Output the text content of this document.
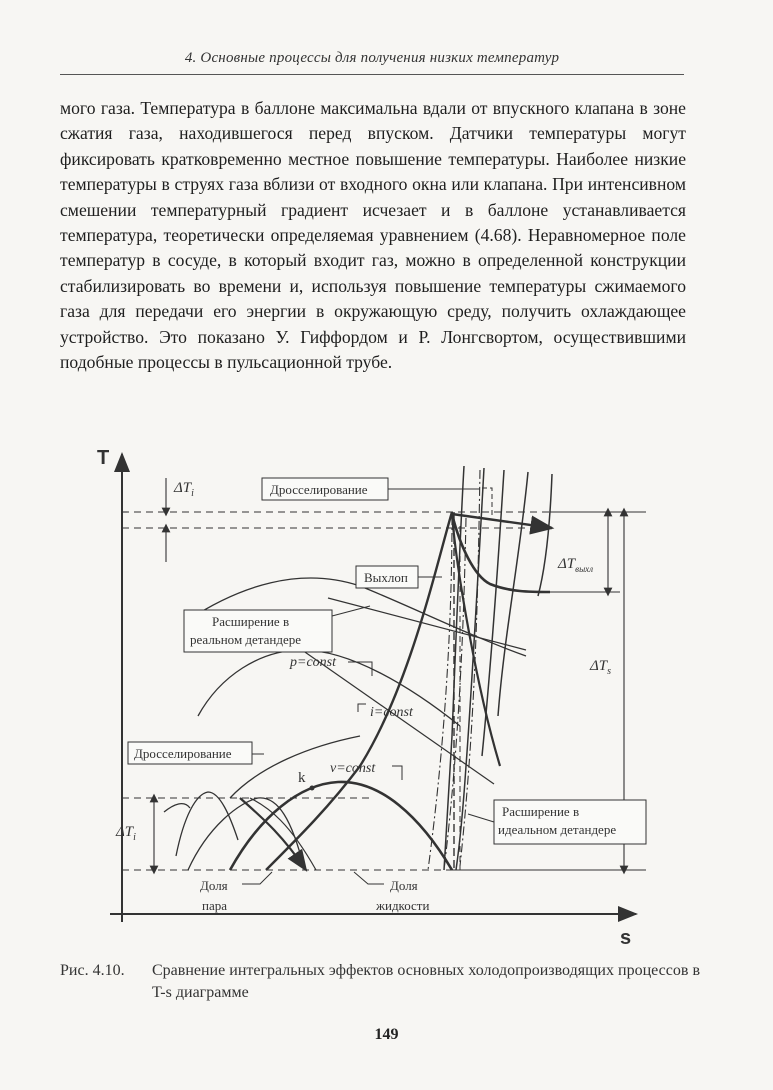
4. Основные процессы для получения низких температур

мого газа. Температура в баллоне максимальна вдали от впускного клапана в зоне сжатия газа, находившегося перед впуском. Датчики температуры могут фиксировать кратковременно местное повышение температуры. Наиболее низкие температуры в струях газа вблизи от входного окна или клапана. При интенсивном смешении температурный градиент исчезает и в баллоне устанавливается температура, теоретически определяемая уравнением (4.68). Неравномерное поле температур в сосуде, в который входит газ, можно в определенной конструкции стабилизировать во времени и, используя повышение температуры сжимаемого газа для передачи его энергии в окружающую среду, получить охлаждающее устройство. Это показано У. Гиффордом и Р. Лонгсвортом, осуществившими подобные процессы в пульсационной трубе.

T
s
$\Delta T_i$
$\Delta T_i$
$\Delta T_{выхл}$
$\Delta T_s$
k
Дросселирование
Выхлоп
Расширение в
реальном детандере
p=const
i=const
Дросселирование
v=const
Расширение в
идеальном детандере
Доля
пара
Доля
жидкости
Рис. 4.10. Сравнение интегральных эффектов основных холодопроизводящих процессов в T-s диаграмме
149
